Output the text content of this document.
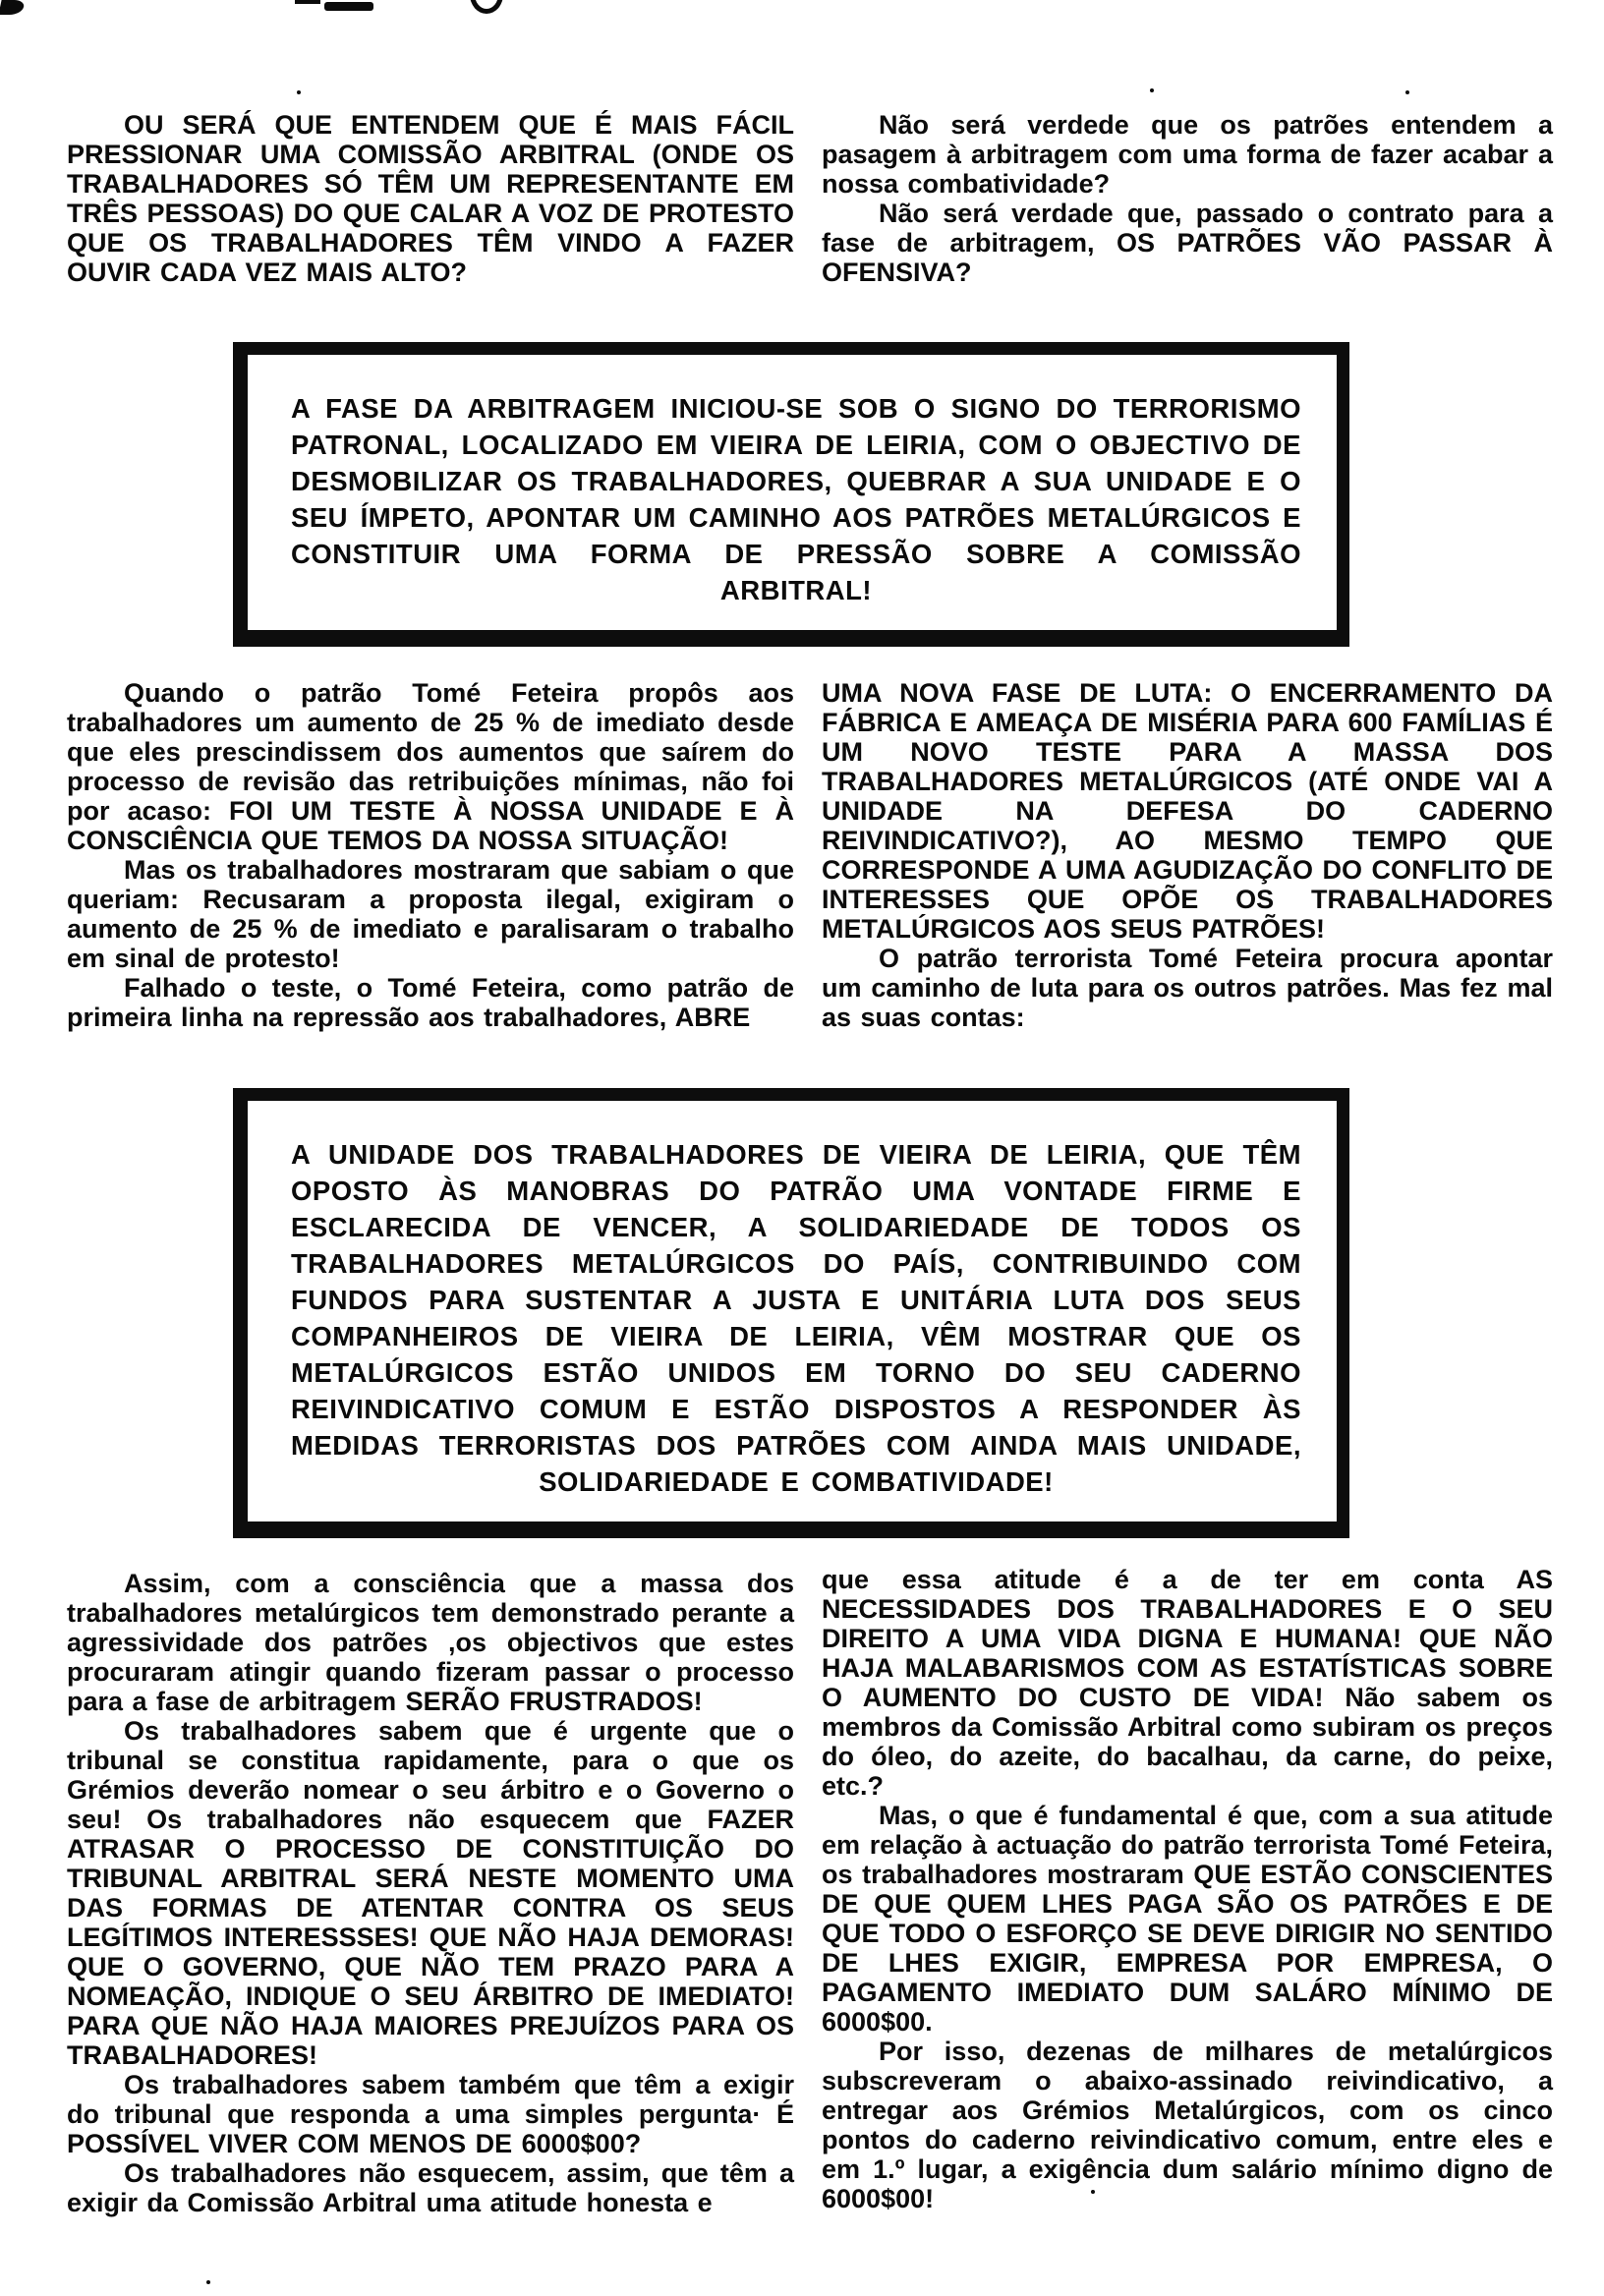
OU SERÁ QUE ENTENDEM QUE É MAIS FÁCIL PRESSIONAR UMA COMISSÃO ARBITRAL (ONDE OS TRABALHADORES SÓ TÊM UM REPRESENTANTE EM TRÊS PESSOAS) DO QUE CALAR A VOZ DE PROTESTO QUE OS TRABALHADORES TÊM VINDO A FAZER OUVIR CADA VEZ MAIS ALTO?

Não será verdede que os patrões entendem a pasagem à arbitragem com uma forma de fazer acabar a nossa combatividade?

Não será verdade que, passado o contrato para a fase de arbitragem, OS PATRÕES VÃO PASSAR À OFENSIVA?

A FASE DA ARBITRAGEM INICIOU-SE SOB O SIGNO DO TERRORISMO PATRONAL, LOCALIZADO EM VIEIRA DE LEIRIA, COM O OBJECTIVO DE DESMOBILIZAR OS TRABALHADORES, QUEBRAR A SUA UNIDADE E O SEU ÍMPETO, APONTAR UM CAMINHO AOS PATRÕES METALÚRGICOS E CONSTITUIR UMA FORMA DE PRESSÃO SOBRE A COMISSÃO ARBITRAL!

Quando o patrão Tomé Feteira propôs aos trabalhadores um aumento de 25 % de imediato desde que eles prescindissem dos aumentos que saírem do processo de revisão das retribuições mínimas, não foi por acaso: FOI UM TESTE À NOSSA UNIDADE E À CONSCIÊNCIA QUE TEMOS DA NOSSA SITUAÇÃO!

Mas os trabalhadores mostraram que sabiam o que queriam: Recusaram a proposta ilegal, exigiram o aumento de 25 % de imediato e paralisaram o trabalho em sinal de protesto!

Falhado o teste, o Tomé Feteira, como patrão de primeira linha na repressão aos trabalhadores, ABRE

UMA NOVA FASE DE LUTA: O ENCERRAMENTO DA FÁBRICA E AMEAÇA DE MISÉRIA PARA 600 FAMÍLIAS É UM NOVO TESTE PARA A MASSA DOS TRABALHADORES METALÚRGICOS (ATÉ ONDE VAI A UNIDADE NA DEFESA DO CADERNO REIVINDICATIVO?), AO MESMO TEMPO QUE CORRESPONDE A UMA AGUDIZAÇÃO DO CONFLITO DE INTERESSES QUE OPÕE OS TRABALHADORES METALÚRGICOS AOS SEUS PATRÕES!

O patrão terrorista Tomé Feteira procura apontar um caminho de luta para os outros patrões. Mas fez mal as suas contas:

A UNIDADE DOS TRABALHADORES DE VIEIRA DE LEIRIA, QUE TÊM OPOSTO ÀS MANOBRAS DO PATRÃO UMA VONTADE FIRME E ESCLARECIDA DE VENCER, A SOLIDARIEDADE DE TODOS OS TRABALHADORES METALÚRGICOS DO PAÍS, CONTRIBUINDO COM FUNDOS PARA SUSTENTAR A JUSTA E UNITÁRIA LUTA DOS SEUS COMPANHEIROS DE VIEIRA DE LEIRIA, VÊM MOSTRAR QUE OS METALÚRGICOS ESTÃO UNIDOS EM TORNO DO SEU CADERNO REIVINDICATIVO COMUM E ESTÃO DISPOSTOS A RESPONDER ÀS MEDIDAS TERRORISTAS DOS PATRÕES COM AINDA MAIS UNIDADE, SOLIDARIEDADE E COMBATIVIDADE!

Assim, com a consciência que a massa dos trabalhadores metalúrgicos tem demonstrado perante a agressividade dos patrões ,os objectivos que estes procuraram atingir quando fizeram passar o processo para a fase de arbitragem SERÃO FRUSTRADOS!

Os trabalhadores sabem que é urgente que o tribunal se constitua rapidamente, para o que os Grémios deverão nomear o seu árbitro e o Governo o seu! Os trabalhadores não esquecem que FAZER ATRASAR O PROCESSO DE CONSTITUIÇÃO DO TRIBUNAL ARBITRAL SERÁ NESTE MOMENTO UMA DAS FORMAS DE ATENTAR CONTRA OS SEUS LEGÍTIMOS INTERESSSES! QUE NÃO HAJA DEMORAS! QUE O GOVERNO, QUE NÃO TEM PRAZO PARA A NOMEAÇÃO, INDIQUE O SEU ÁRBITRO DE IMEDIATO! PARA QUE NÃO HAJA MAIORES PREJUÍZOS PARA OS TRABALHADORES!

Os trabalhadores sabem também que têm a exigir do tribunal que responda a uma simples pergunta· É POSSÍVEL VIVER COM MENOS DE 6000$00?

Os trabalhadores não esquecem, assim, que têm a exigir da Comissão Arbitral uma atitude honesta e

que essa atitude é a de ter em conta AS NECESSIDADES DOS TRABALHADORES E O SEU DIREITO A UMA VIDA DIGNA E HUMANA! QUE NÃO HAJA MALABARISMOS COM AS ESTATÍSTICAS SOBRE O AUMENTO DO CUSTO DE VIDA! Não sabem os membros da Comissão Arbitral como subiram os preços do óleo, do azeite, do bacalhau, da carne, do peixe, etc.?

Mas, o que é fundamental é que, com a sua atitude em relação à actuação do patrão terrorista Tomé Feteira, os trabalhadores mostraram QUE ESTÃO CONSCIENTES DE QUE QUEM LHES PAGA SÃO OS PATRÕES E DE QUE TODO O ESFORÇO SE DEVE DIRIGIR NO SENTIDO DE LHES EXIGIR, EMPRESA POR EMPRESA, O PAGAMENTO IMEDIATO DUM SALÁRO MÍNIMO DE 6000$00.

Por isso, dezenas de milhares de metalúrgicos subscreveram o abaixo-assinado reivindicativo, a entregar aos Grémios Metalúrgicos, com os cinco pontos do caderno reivindicativo comum, entre eles e em 1.º lugar, a exigência dum salário mínimo digno de 6000$00!
